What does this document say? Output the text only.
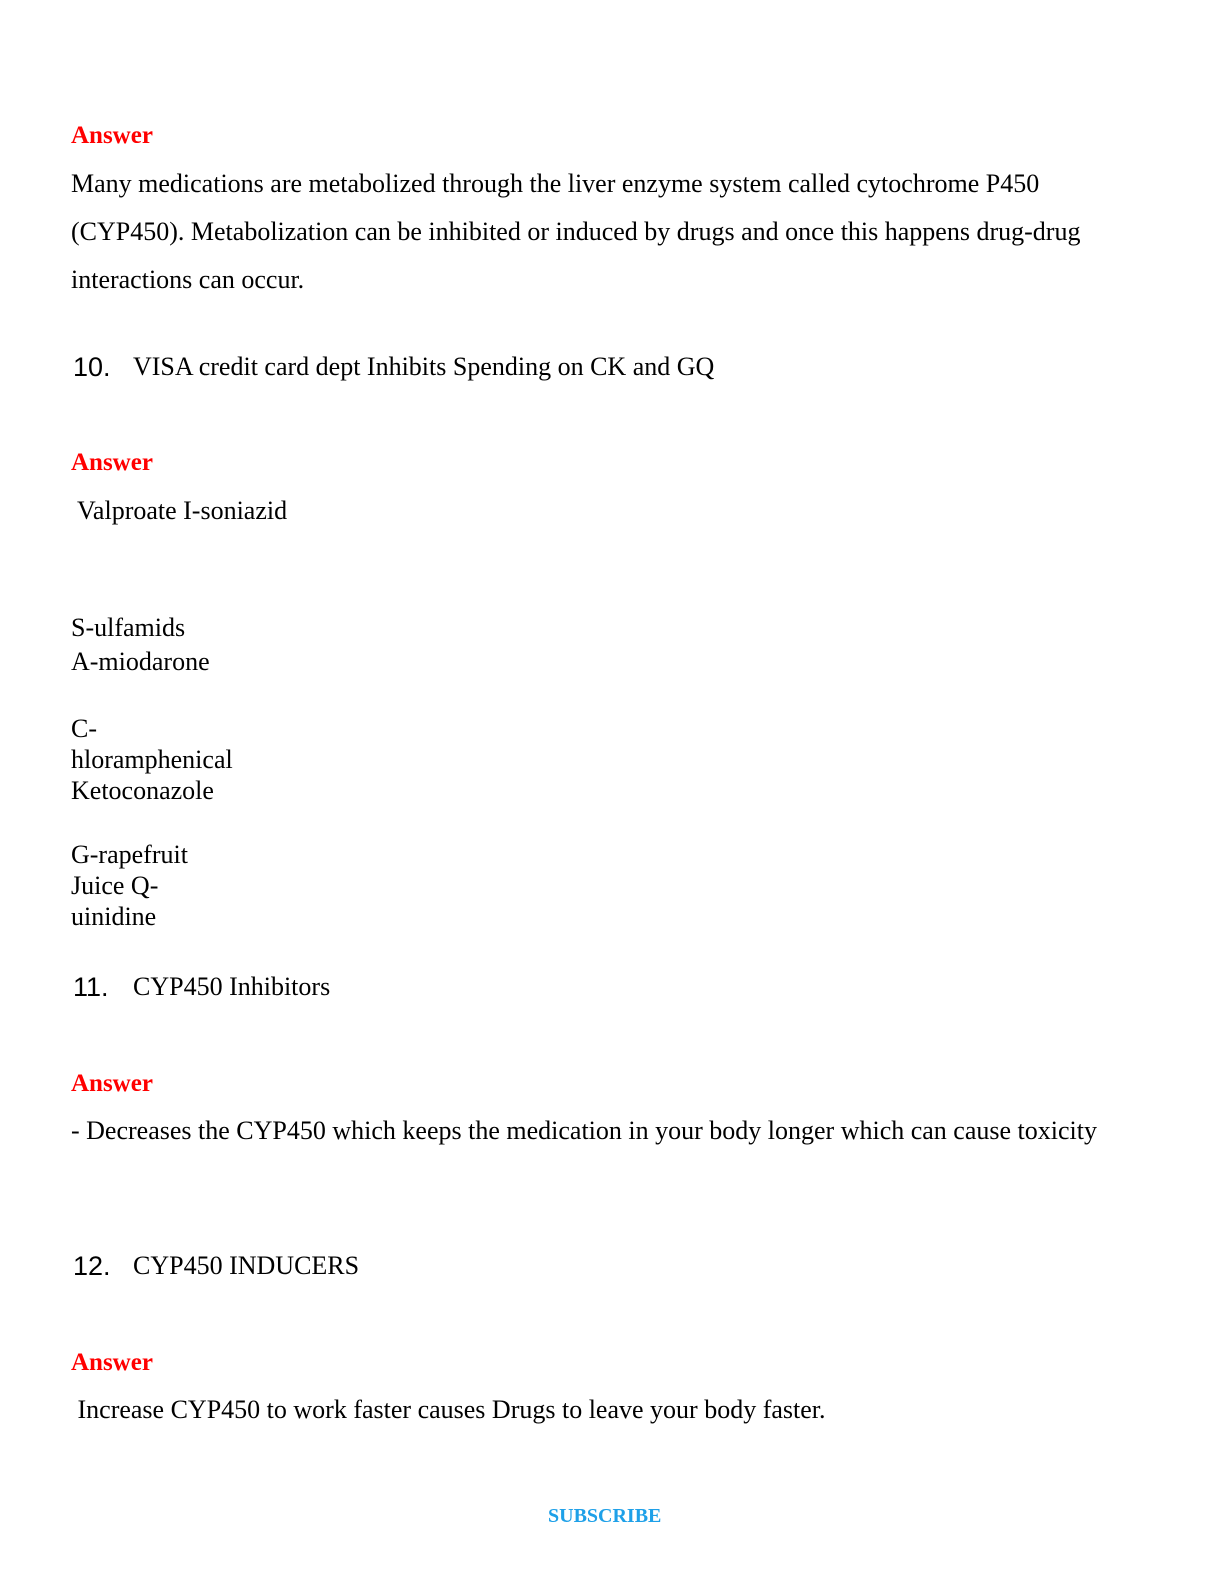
Answer
Many medications are metabolized through the liver enzyme system called cytochrome P450 (CYP450). Metabolization can be inhibited or induced by drugs and once this happens drug-drug interactions can occur.
10. VISA credit card dept Inhibits Spending on CK and GQ
Answer
Valproate I-soniazid
S-ulfamids
A-miodarone
C-
hloramphenical
Ketoconazole
G-rapefruit
Juice Q-
uinidine
11. CYP450 Inhibitors
Answer
- Decreases the CYP450 which keeps the medication in your body longer which can cause toxicity
12. CYP450 INDUCERS
Answer
Increase CYP450 to work faster causes Drugs to leave your body faster.
SUBSCRIBE
